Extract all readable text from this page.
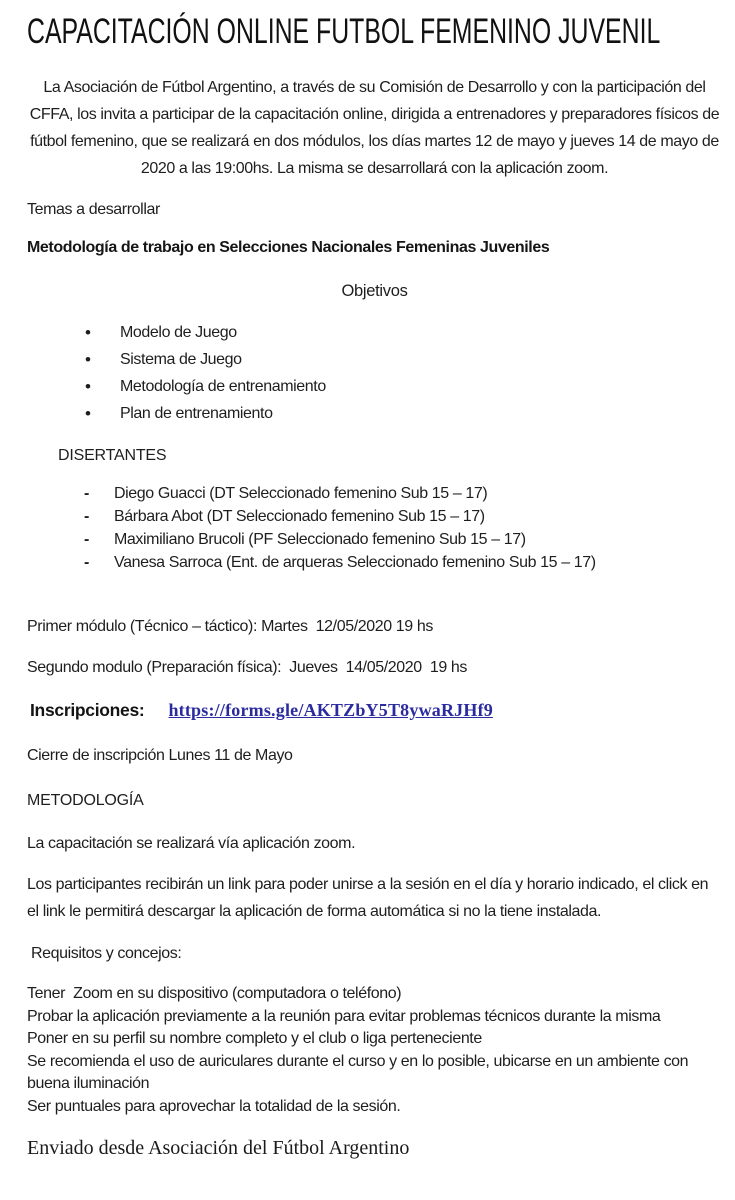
CAPACITACIÓN ONLINE FUTBOL FEMENINO JUVENIL

La Asociación de Fútbol Argentino, a través de su Comisión de Desarrollo y con la participación del CFFA, los invita a participar de la capacitación online, dirigida a entrenadores y preparadores físicos de fútbol femenino, que se realizará en dos módulos, los días martes 12 de mayo y jueves 14 de mayo de 2020 a las 19:00hs. La misma se desarrollará con la aplicación zoom.

Temas a desarrollar

Metodología de trabajo en Selecciones Nacionales Femeninas Juveniles

Objetivos

• Modelo de Juego
• Sistema de Juego
• Metodología de entrenamiento
• Plan de entrenamiento

DISERTANTES

- Diego Guacci (DT Seleccionado femenino Sub 15 – 17)
- Bárbara Abot (DT Seleccionado femenino Sub 15 – 17)
- Maximiliano Brucoli (PF Seleccionado femenino Sub 15 – 17)
- Vanesa Sarroca (Ent. de arqueras Seleccionado femenino Sub 15 – 17)

Primer módulo (Técnico – táctico): Martes  12/05/2020 19 hs

Segundo modulo (Preparación física):  Jueves  14/05/2020  19 hs

Inscripciones: https://forms.gle/AKTZbY5T8ywaRJHf9

Cierre de inscripción Lunes 11 de Mayo

METODOLOGÍA

La capacitación se realizará vía aplicación zoom.

Los participantes recibirán un link para poder unirse a la sesión en el día y horario indicado, el click en el link le permitirá descargar la aplicación de forma automática si no la tiene instalada.

Requisitos y concejos:

Tener  Zoom en su dispositivo (computadora o teléfono)
Probar la aplicación previamente a la reunión para evitar problemas técnicos durante la misma
Poner en su perfil su nombre completo y el club o liga perteneciente
Se recomienda el uso de auriculares durante el curso y en lo posible, ubicarse en un ambiente con buena iluminación
Ser puntuales para aprovechar la totalidad de la sesión.

Enviado desde Asociación del Fútbol Argentino
